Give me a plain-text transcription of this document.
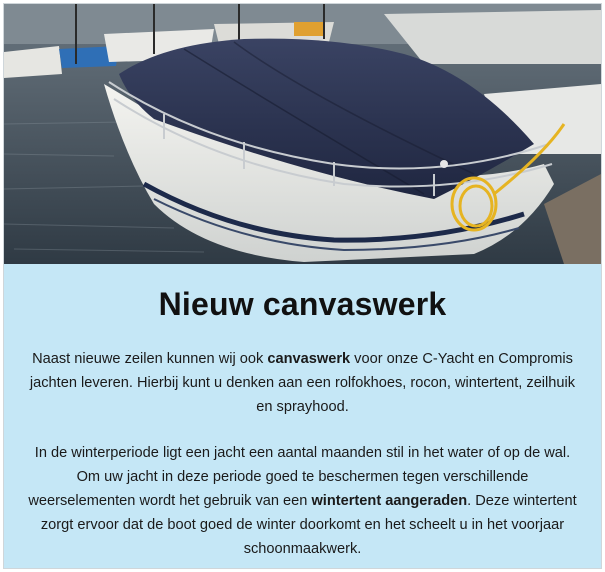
Nieuw canvaswerk

Naast nieuwe zeilen kunnen wij ook canvaswerk voor onze C-Yacht en Compromis jachten leveren. Hierbij kunt u denken aan een rolfokhoes, rocon, wintertent, zeilhuik en sprayhood.

In de winterperiode ligt een jacht een aantal maanden stil in het water of op de wal. Om uw jacht in deze periode goed te beschermen tegen verschillende weerselementen wordt het gebruik van een wintertent aangeraden. Deze wintertent zorgt ervoor dat de boot goed de winter doorkomt en het scheelt u in het voorjaar schoonmaakwerk.
